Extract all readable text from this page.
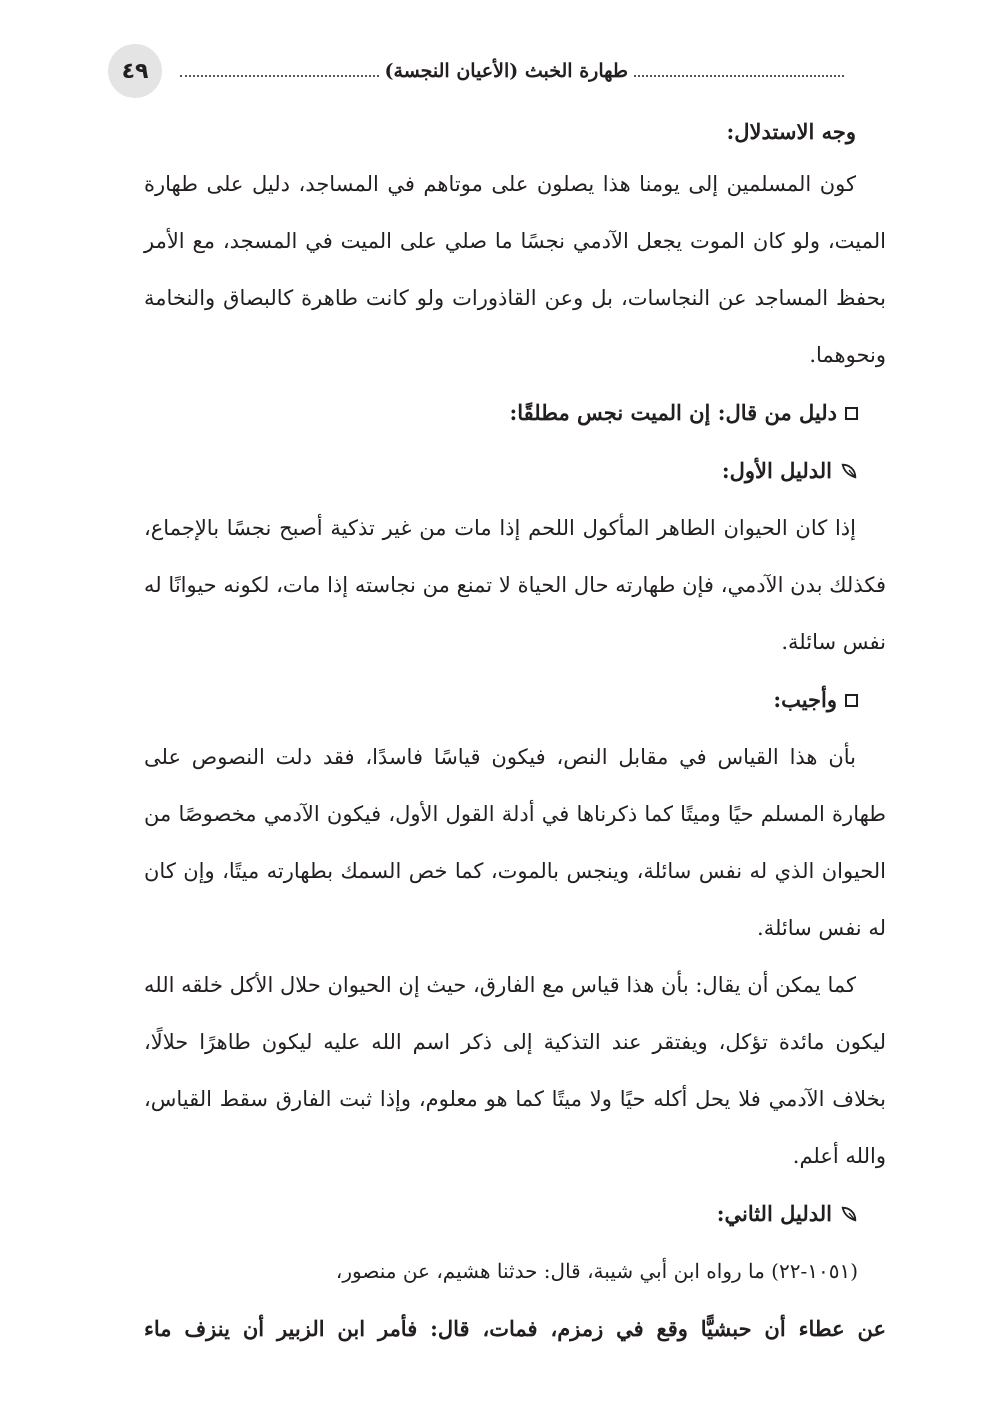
٤٩	طهارة الخبث (الأعيان النجسة)
وجه الاستدلال:

كون المسلمين إلى يومنا هذا يصلون على موتاهم في المساجد، دليل على طهارة الميت، ولو كان الموت يجعل الآدمي نجسًا ما صلي على الميت في المسجد، مع الأمر بحفظ المساجد عن النجاسات، بل وعن القاذورات ولو كانت طاهرة كالبصاق والنخامة ونحوهما.

دليل من قال: إن الميت نجس مطلقًا:
الدليل الأول:

إذا كان الحيوان الطاهر المأكول اللحم إذا مات من غير تذكية أصبح نجسًا بالإجماع، فكذلك بدن الآدمي، فإن طهارته حال الحياة لا تمنع من نجاسته إذا مات، لكونه حيوانًا له نفس سائلة.

وأجيب:

بأن هذا القياس في مقابل النص، فيكون قياسًا فاسدًا، فقد دلت النصوص على طهارة المسلم حيًا وميتًا كما ذكرناها في أدلة القول الأول، فيكون الآدمي مخصوصًا من الحيوان الذي له نفس سائلة، وينجس بالموت، كما خص السمك بطهارته ميتًا، وإن كان له نفس سائلة.

كما يمكن أن يقال: بأن هذا قياس مع الفارق، حيث إن الحيوان حلال الأكل خلقه الله ليكون مائدة تؤكل، ويفتقر عند التذكية إلى ذكر اسم الله عليه ليكون طاهرًا حلالًا، بخلاف الآدمي فلا يحل أكله حيًا ولا ميتًا كما هو معلوم، وإذا ثبت الفارق سقط القياس، والله أعلم.

الدليل الثاني:

(١٠٥١-٢٢) ما رواه ابن أبي شيبة، قال: حدثنا هشيم، عن منصور،

عن عطاء أن حبشيًّا وقع في زمزم، فمات، قال: فأمر ابن الزبير أن ينزف ماء
